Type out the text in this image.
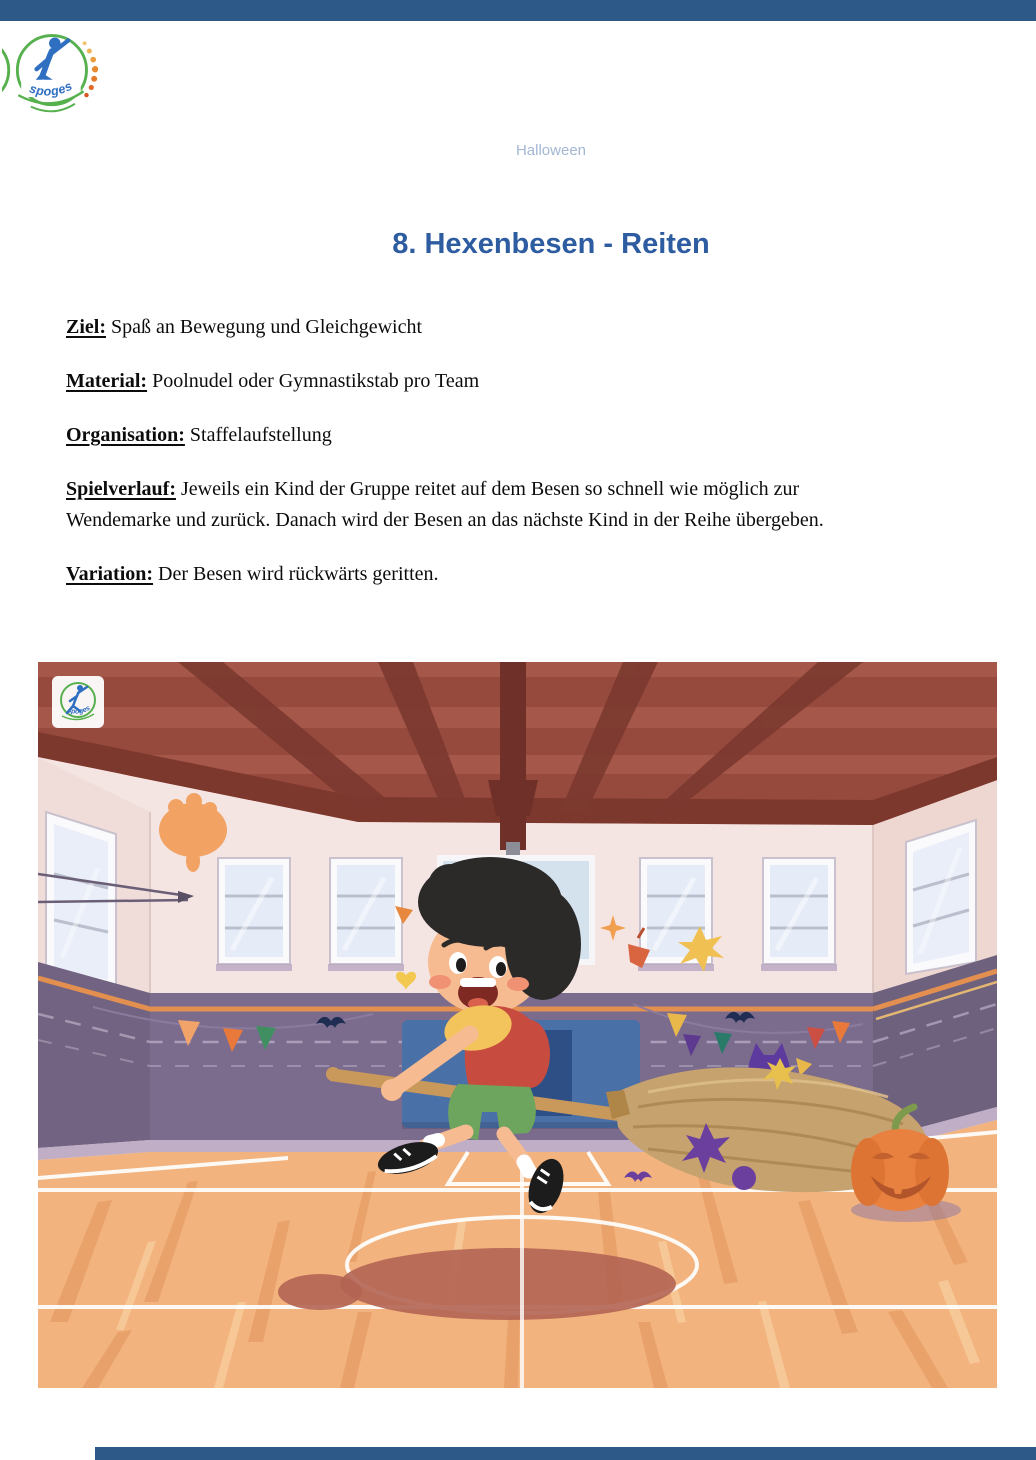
spoges
Halloween
8. Hexenbesen - Reiten

Ziel: Spaß an Bewegung und Gleichgewicht

Material: Poolnudel oder Gymnastikstab pro Team

Organisation: Staffelaufstellung

Spielverlauf: Jeweils ein Kind der Gruppe reitet auf dem Besen so schnell wie möglich zur Wendemarke und zurück. Danach wird der Besen an das nächste Kind in der Reihe übergeben.

Variation: Der Besen wird rückwärts geritten.

spoges
